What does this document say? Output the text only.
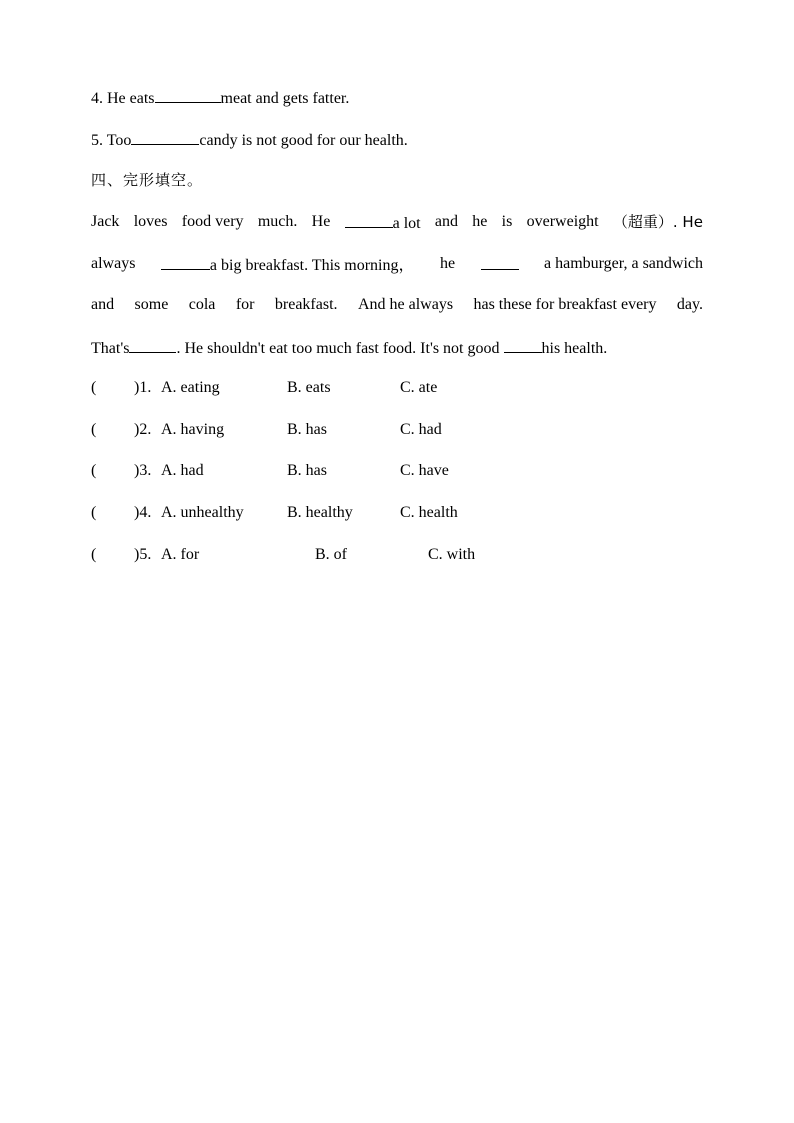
4. He eats	meat and gets fatter.
5. Too	candy is not good for our health.
四、完形填空。
Jack loves food very much. He	a lot and he is overweight （超重）. He
always	a big breakfast. This morning， he	a hamburger, a sandwich
and some cola for breakfast. And he always has these for breakfast every day.
That's	. He shouldn't eat too much fast food. It's not good	his health.
( )1. A. eating	B. eats	C. ate
( )2. A. having	B. has	C. had
( )3. A. had	B. has	C. have
( )4. A. unhealthy	B. healthy	C. health
( )5. A. for	B. of	C. with
